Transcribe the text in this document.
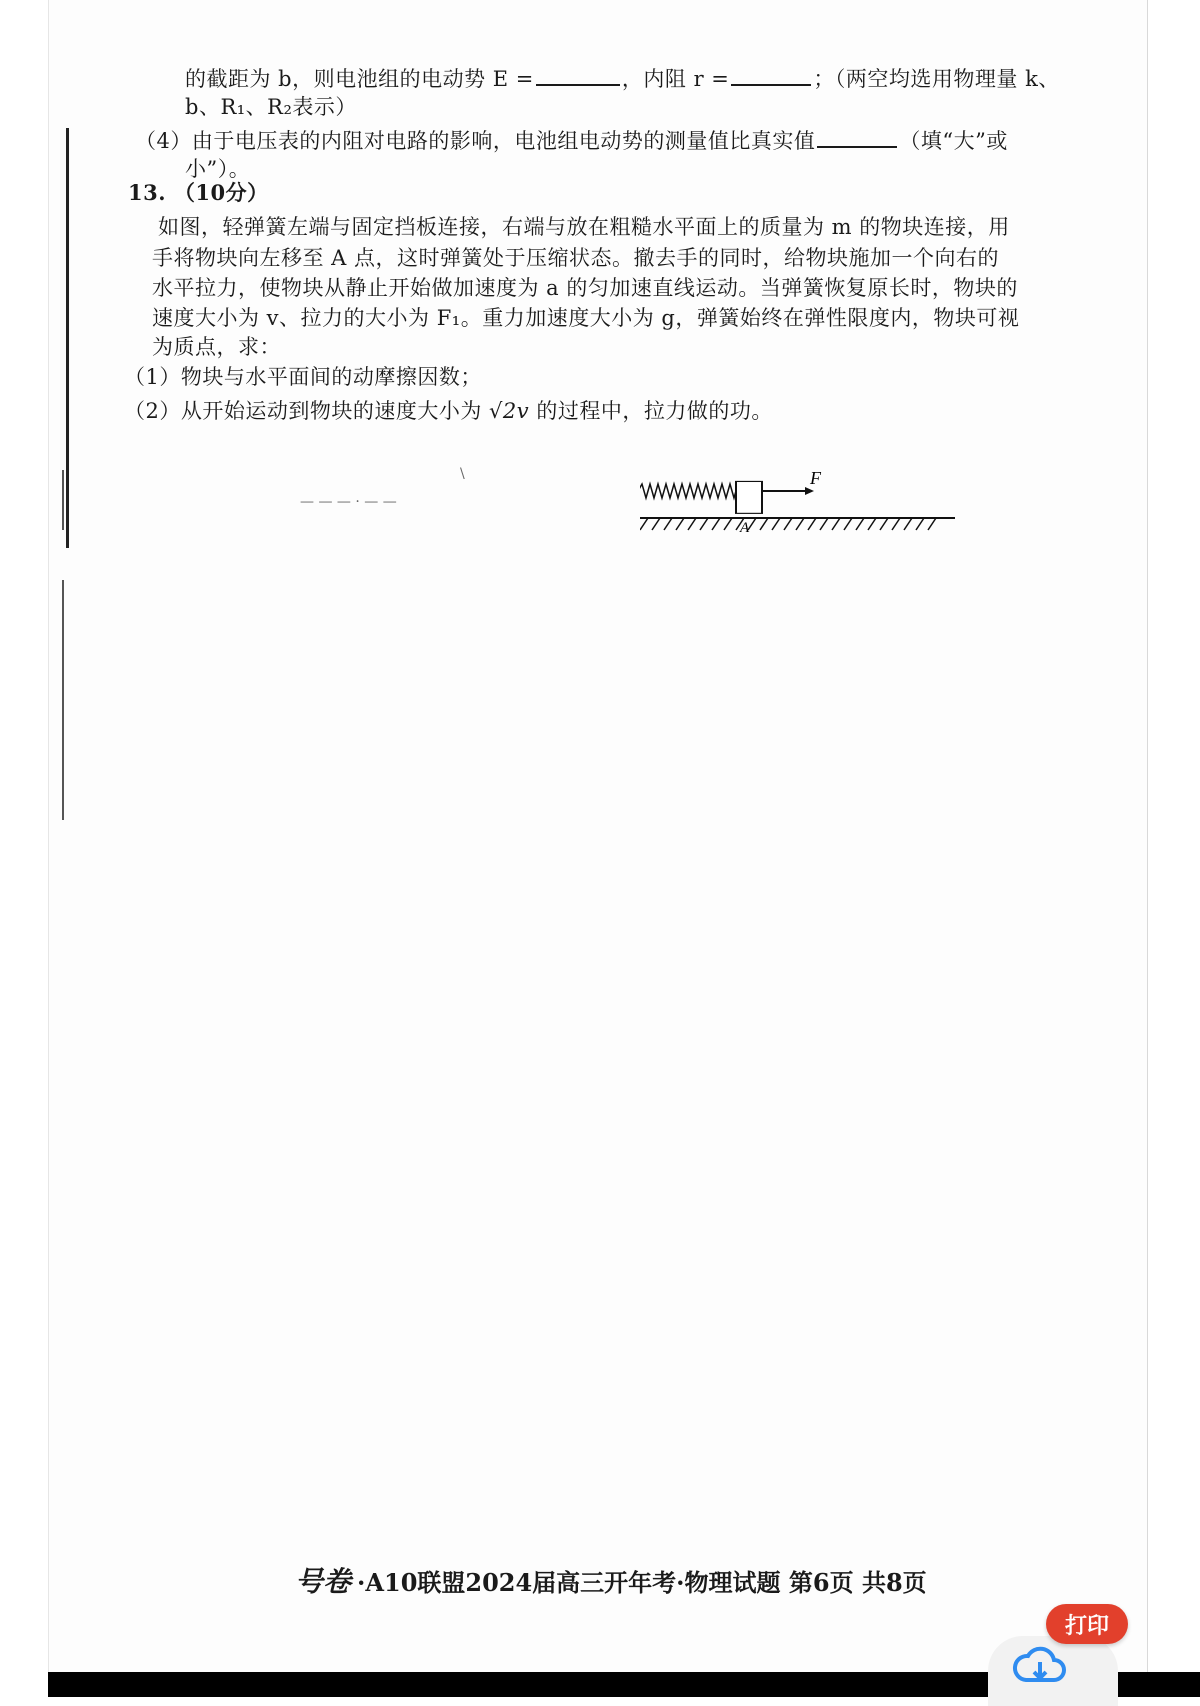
的截距为 b，则电池组的电动势 E =	，内阻 r =	；（两空均选用物理量 k、
b、R₁、R₂表示）
（4）由于电压表的内阻对电路的影响，电池组电动势的测量值比真实值	（填“大”或
小”）。
13. （10分）
如图，轻弹簧左端与固定挡板连接，右端与放在粗糙水平面上的质量为 m 的物块连接，用
手将物块向左移至 A 点，这时弹簧处于压缩状态。撤去手的同时，给物块施加一个向右的
水平拉力，使物块从静止开始做加速度为 a 的匀加速直线运动。当弹簧恢复原长时，物块的
速度大小为 v、拉力的大小为 F₁。重力加速度大小为 g，弹簧始终在弹性限度内，物块可视
为质点，求：
（1）物块与水平面间的动摩擦因数；
（2）从开始运动到物块的速度大小为 √2v 的过程中，拉力做的功。
— — — · — —
\	F
A
号卷 ·A10联盟2024届高三开年考·物理试题 第6页 共8页
打印
